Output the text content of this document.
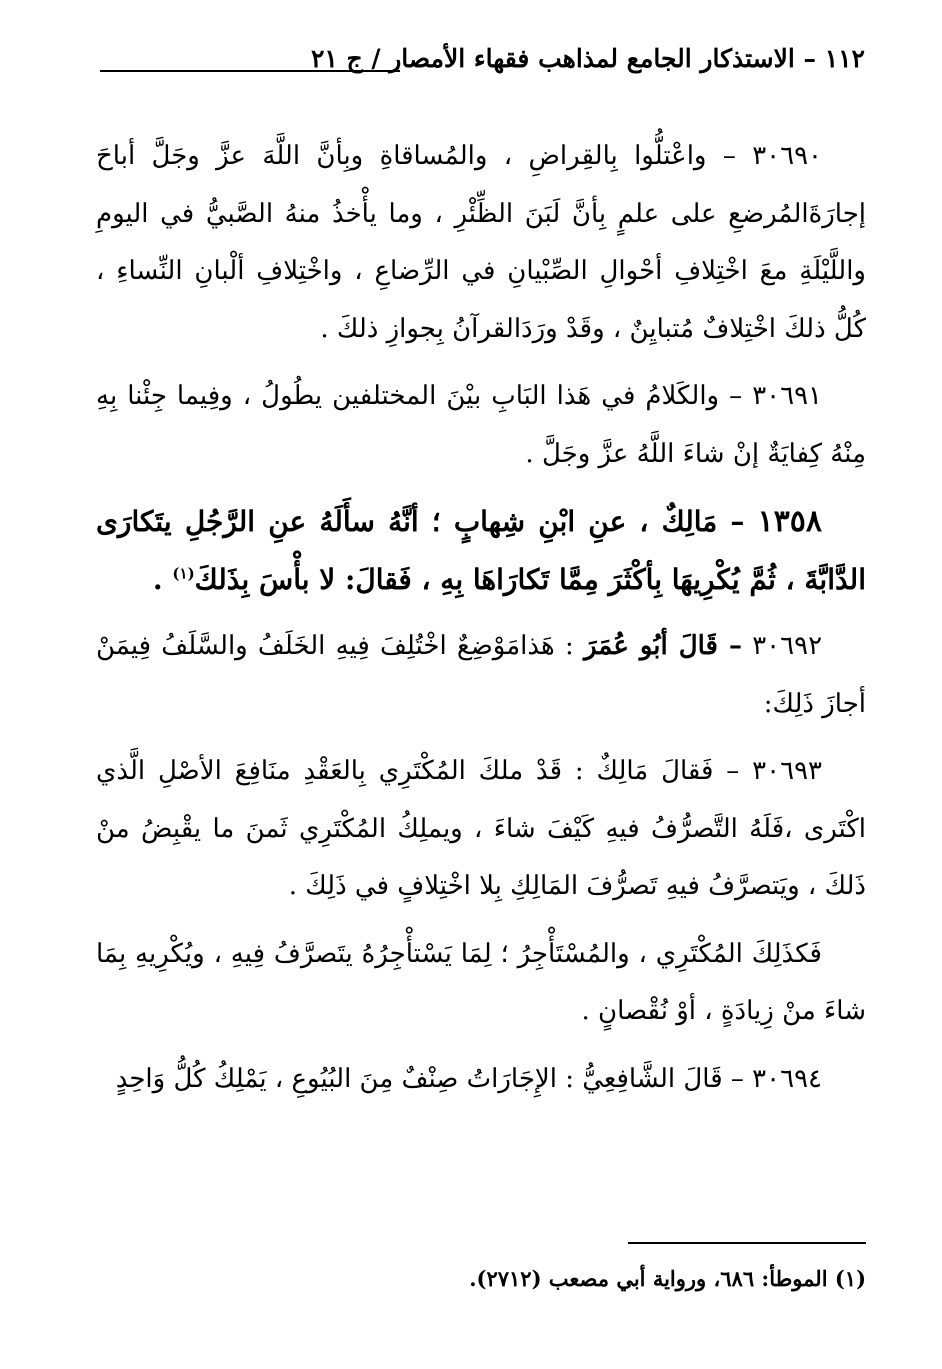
١١٢ – الاستذكار الجامع لمذاهب فقهاء الأمصار / ج ٢١

٣٠٦٩٠ – واعْتلُّوا بِالقِراضِ ، والمُساقاةِ وبِأنَّ اللَّهَ عزَّ وجَلَّ أباحَ إجارَةَالمُرضعِ على علمٍ بِأنَّ لَبَنَ الظِّئْرِ ، وما يأْخذُ منهُ الصَّبيُّ في اليومِ واللَّيْلَةِ معَ اخْتِلافِ أحْوالِ الصِّبْيانِ في الرِّضاعِ ، واخْتِلافِ ألْبانِ النِّساءِ ، كُلُّ ذلكَ اخْتِلافٌ مُتبايِنٌ ، وقَدْ ورَدَالقرآنُ بِجوازِ ذلكَ .

٣٠٦٩١ – والكَلامُ في هَذا البَابِ بيْنَ المختلفين يطُولُ ، وفِيما جِئْنا بِهِ مِنْهُ كِفايَةٌ إنْ شاءَ اللَّهُ عزَّ وجَلَّ .

١٣٥٨ – مَالِكٌ ، عنِ ابْنِ شِهابٍ ؛ أنَّهُ سأَلَهُ عنِ الرَّجُلِ يتَكارَى الدَّابَّةَ ، ثُمَّ يُكْرِيهَا بِأكْثَرَ مِمَّا تَكارَاهَا بِهِ ، فَقالَ: لا بأْسَ بِذَلكَ$^{(١)}$ .

٣٠٦٩٢ – قَالَ أبُو عُمَرَ : هَذامَوْضِعٌ اخْتُلِفَ فِيهِ الخَلَفُ والسَّلَفُ فِيمَنْ أجازَ ذَلِكَ:

٣٠٦٩٣ – فَقالَ مَالِكٌ : قَدْ ملكَ المُكْتَرِي بِالعَقْدِ منَافِعَ الأصْلِ الَّذي اكْتَرى ،فَلَهُ التَّصرُّفُ فيهِ كَيْفَ شاءَ ، ويملِكُ المُكْتَرِي ثَمنَ ما يقْبِضُ منْ ذَلكَ ، ويَتصرَّفُ فيهِ تَصرُّفَ المَالِكِ بِلا اخْتِلافٍ في ذَلِكَ .

فَكذَلِكَ المُكْتَرِي ، والمُسْتَأْجِرُ ؛ لِمَا يَسْتأْجِرُهُ يتَصرَّفُ فِيهِ ، ويُكْرِيهِ بِمَا شاءَ منْ زِيادَةٍ ، أوْ نُقْصانٍ .

٣٠٦٩٤ – قَالَ الشَّافِعِيُّ : الإِجَارَاتُ صِنْفٌ مِنَ البُيُوعِ ، يَمْلِكُ كُلُّ وَاحِدٍ

(١) الموطأ: ٦٨٦، ورواية أبي مصعب (٢٧١٢).
